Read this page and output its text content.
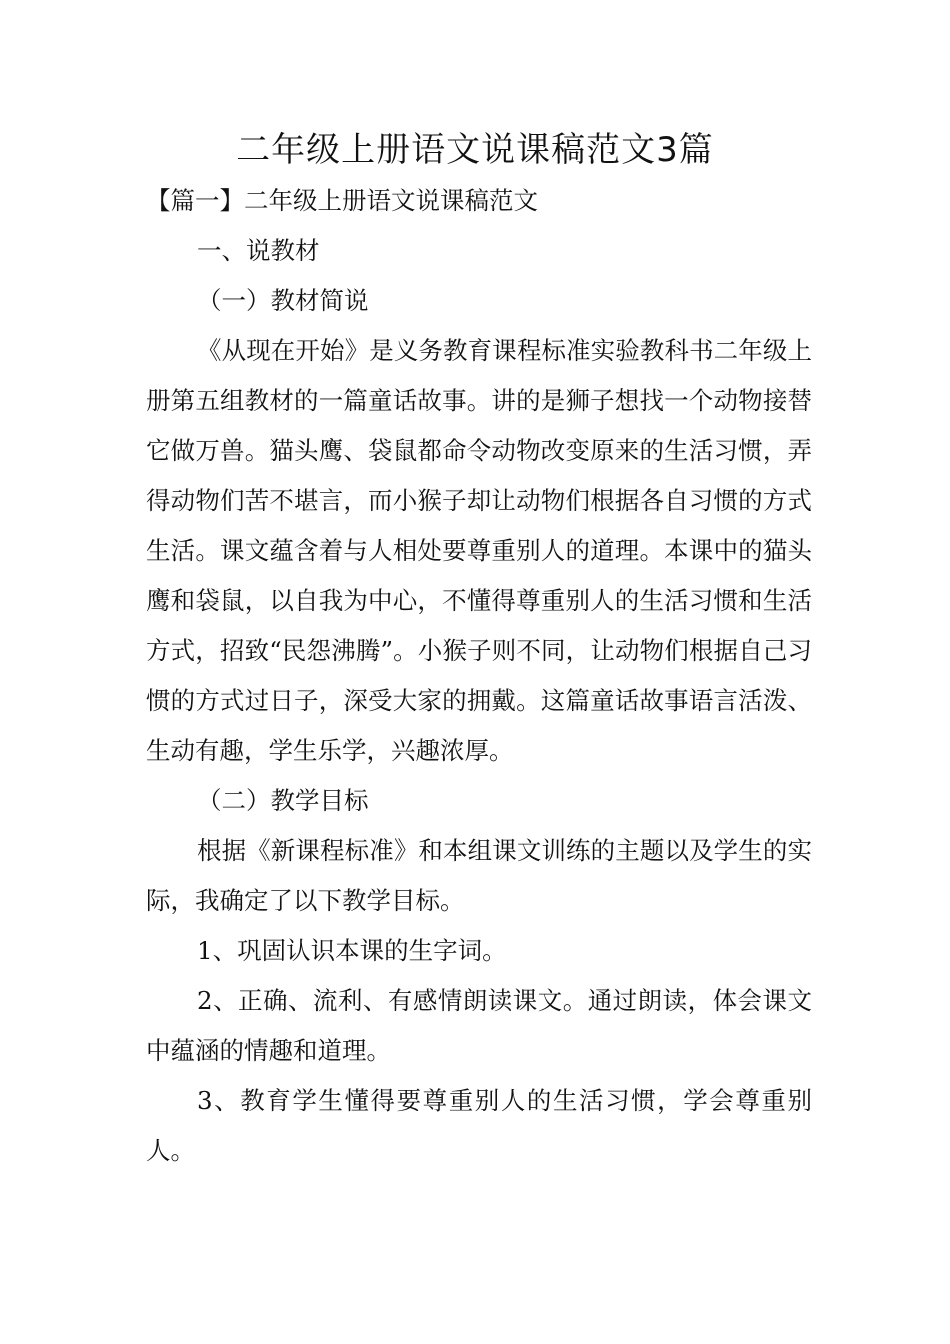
二年级上册语文说课稿范文3篇

【篇一】二年级上册语文说课稿范文

一、说教材

（一）教材简说

《从现在开始》是义务教育课程标准实验教科书二年级上册第五组教材的一篇童话故事。讲的是狮子想找一个动物接替它做万兽。猫头鹰、袋鼠都命令动物改变原来的生活习惯，弄得动物们苦不堪言，而小猴子却让动物们根据各自习惯的方式生活。课文蕴含着与人相处要尊重别人的道理。本课中的猫头鹰和袋鼠，以自我为中心，不懂得尊重别人的生活习惯和生活方式，招致“民怨沸腾”。小猴子则不同，让动物们根据自己习惯的方式过日子，深受大家的拥戴。这篇童话故事语言活泼、生动有趣，学生乐学，兴趣浓厚。

（二）教学目标

根据《新课程标准》和本组课文训练的主题以及学生的实际，我确定了以下教学目标。

1、巩固认识本课的生字词。

2、正确、流利、有感情朗读课文。通过朗读，体会课文中蕴涵的情趣和道理。

3、教育学生懂得要尊重别人的生活习惯，学会尊重别人。
